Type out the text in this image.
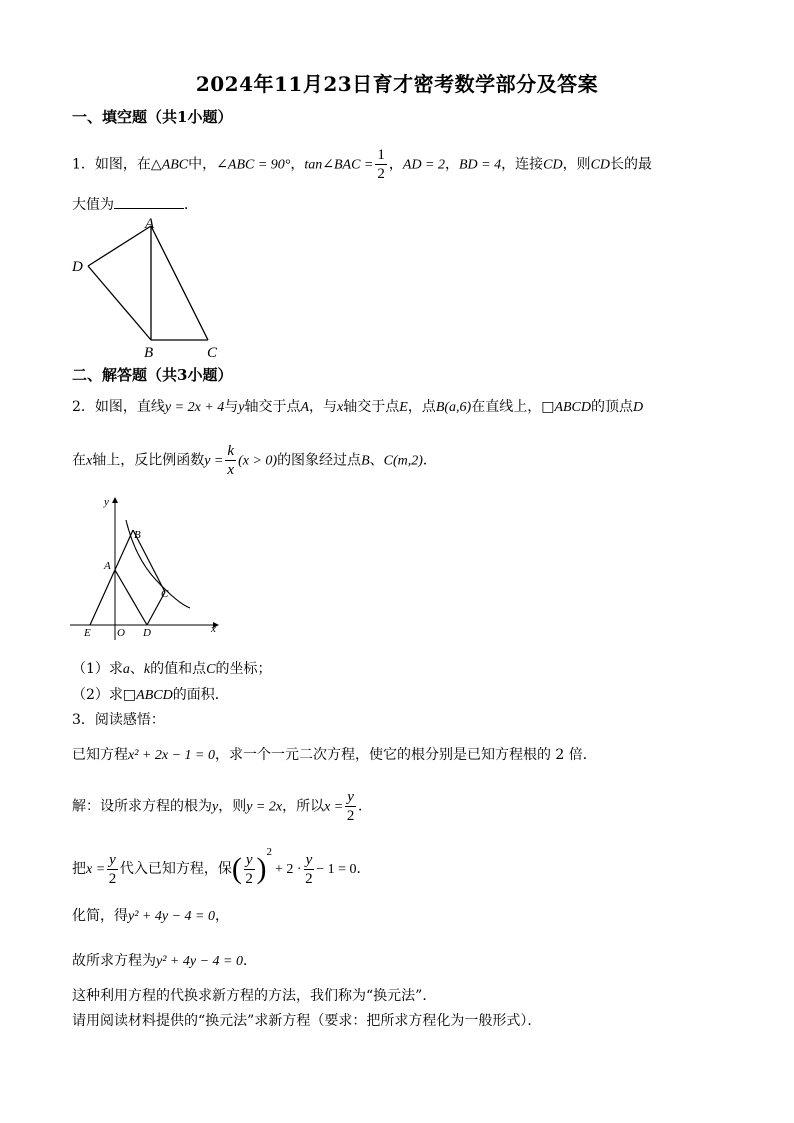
2024年11月23日育才密考数学部分及答案
一、填空题（共1小题）
1．如图，在△ABC中，∠ABC = 90°，tan∠BAC = $\frac{1}{2}$ ，AD = 2，BD = 4，连接CD，则CD长的最
大值为	．
A
D
B	C
二、解答题（共3小题）
2．如图，直线y = 2x + 4与y轴交于点A，与x轴交于点E，点B(a,6)在直线上，□ABCD的顶点D
在x轴上，反比例函数$y = \frac{k}{x} (x > 0)$的图象经过点B、C(m,2)．
y
x
B
A
C
E O D
（1）求a、k的值和点C的坐标；
（2）求□ABCD的面积．
3．阅读感悟：
已知方程x² + 2x − 1 = 0，求一个一元二次方程，使它的根分别是已知方程根的 2 倍．
解：设所求方程的根为y，则y = 2x，所以$x = \frac{y}{2}$ ．
把$x = \frac{y}{2}$ 代入已知方程，保( $\frac{y}{2} )^2+ 2 \cdot \frac{y}{2} - 1 = 0$．
化简，得y² + 4y − 4 = 0，
故所求方程为y² + 4y − 4 = 0．
这种利用方程的代换求新方程的方法，我们称为“换元法”．
请用阅读材料提供的“换元法”求新方程（要求：把所求方程化为一般形式）．
